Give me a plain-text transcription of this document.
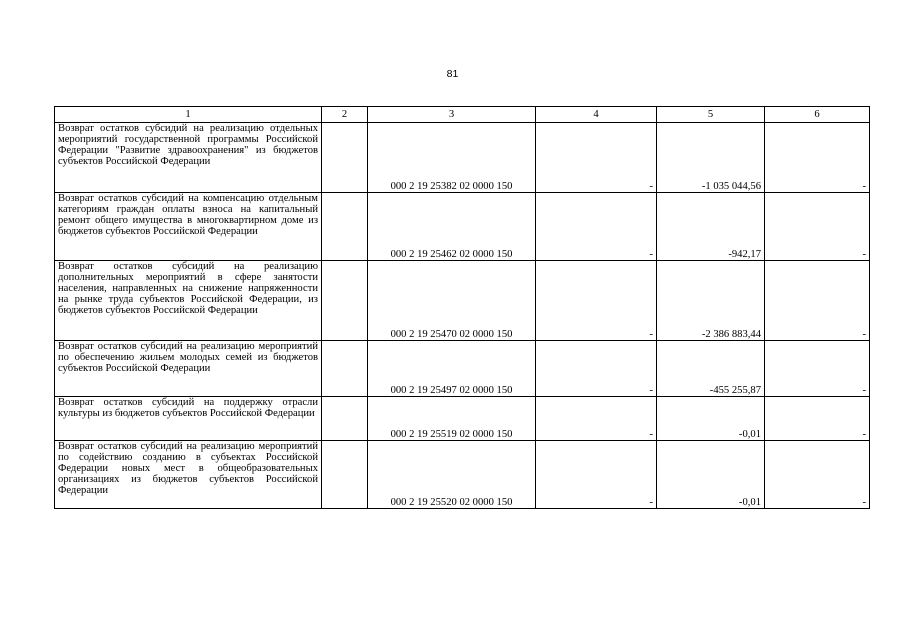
81
1	2	3	4	5	6
Возврат остатков субсидий на реализацию отдельных мероприятий государственной программы Российской Федерации "Развитие здравоохранения" из бюджетов субъектов Российской Федерации		000 2 19 25382 02 0000 150	-	-1 035 044,56	-
Возврат остатков субсидий на компенсацию отдельным категориям граждан оплаты взноса на капитальный ремонт общего имущества в многоквартирном доме из бюджетов субъектов Российской Федерации		000 2 19 25462 02 0000 150	-	-942,17	-
Возврат остатков субсидий на реализацию дополнительных мероприятий в сфере занятости населения, направленных на снижение напряженности на рынке труда субъектов Российской Федерации, из бюджетов субъектов Российской Федерации		000 2 19 25470 02 0000 150	-	-2 386 883,44	-
Возврат остатков субсидий на реализацию мероприятий по обеспечению жильем молодых семей из бюджетов субъектов Российской Федерации		000 2 19 25497 02 0000 150	-	-455 255,87	-
Возврат остатков субсидий на поддержку отрасли культуры из бюджетов субъектов Российской Федерации		000 2 19 25519 02 0000 150	-	-0,01	-
Возврат остатков субсидий на реализацию мероприятий по содействию созданию в субъектах Российской Федерации новых мест в общеобразовательных организациях из бюджетов субъектов Российской Федерации		000 2 19 25520 02 0000 150	-	-0,01	-
